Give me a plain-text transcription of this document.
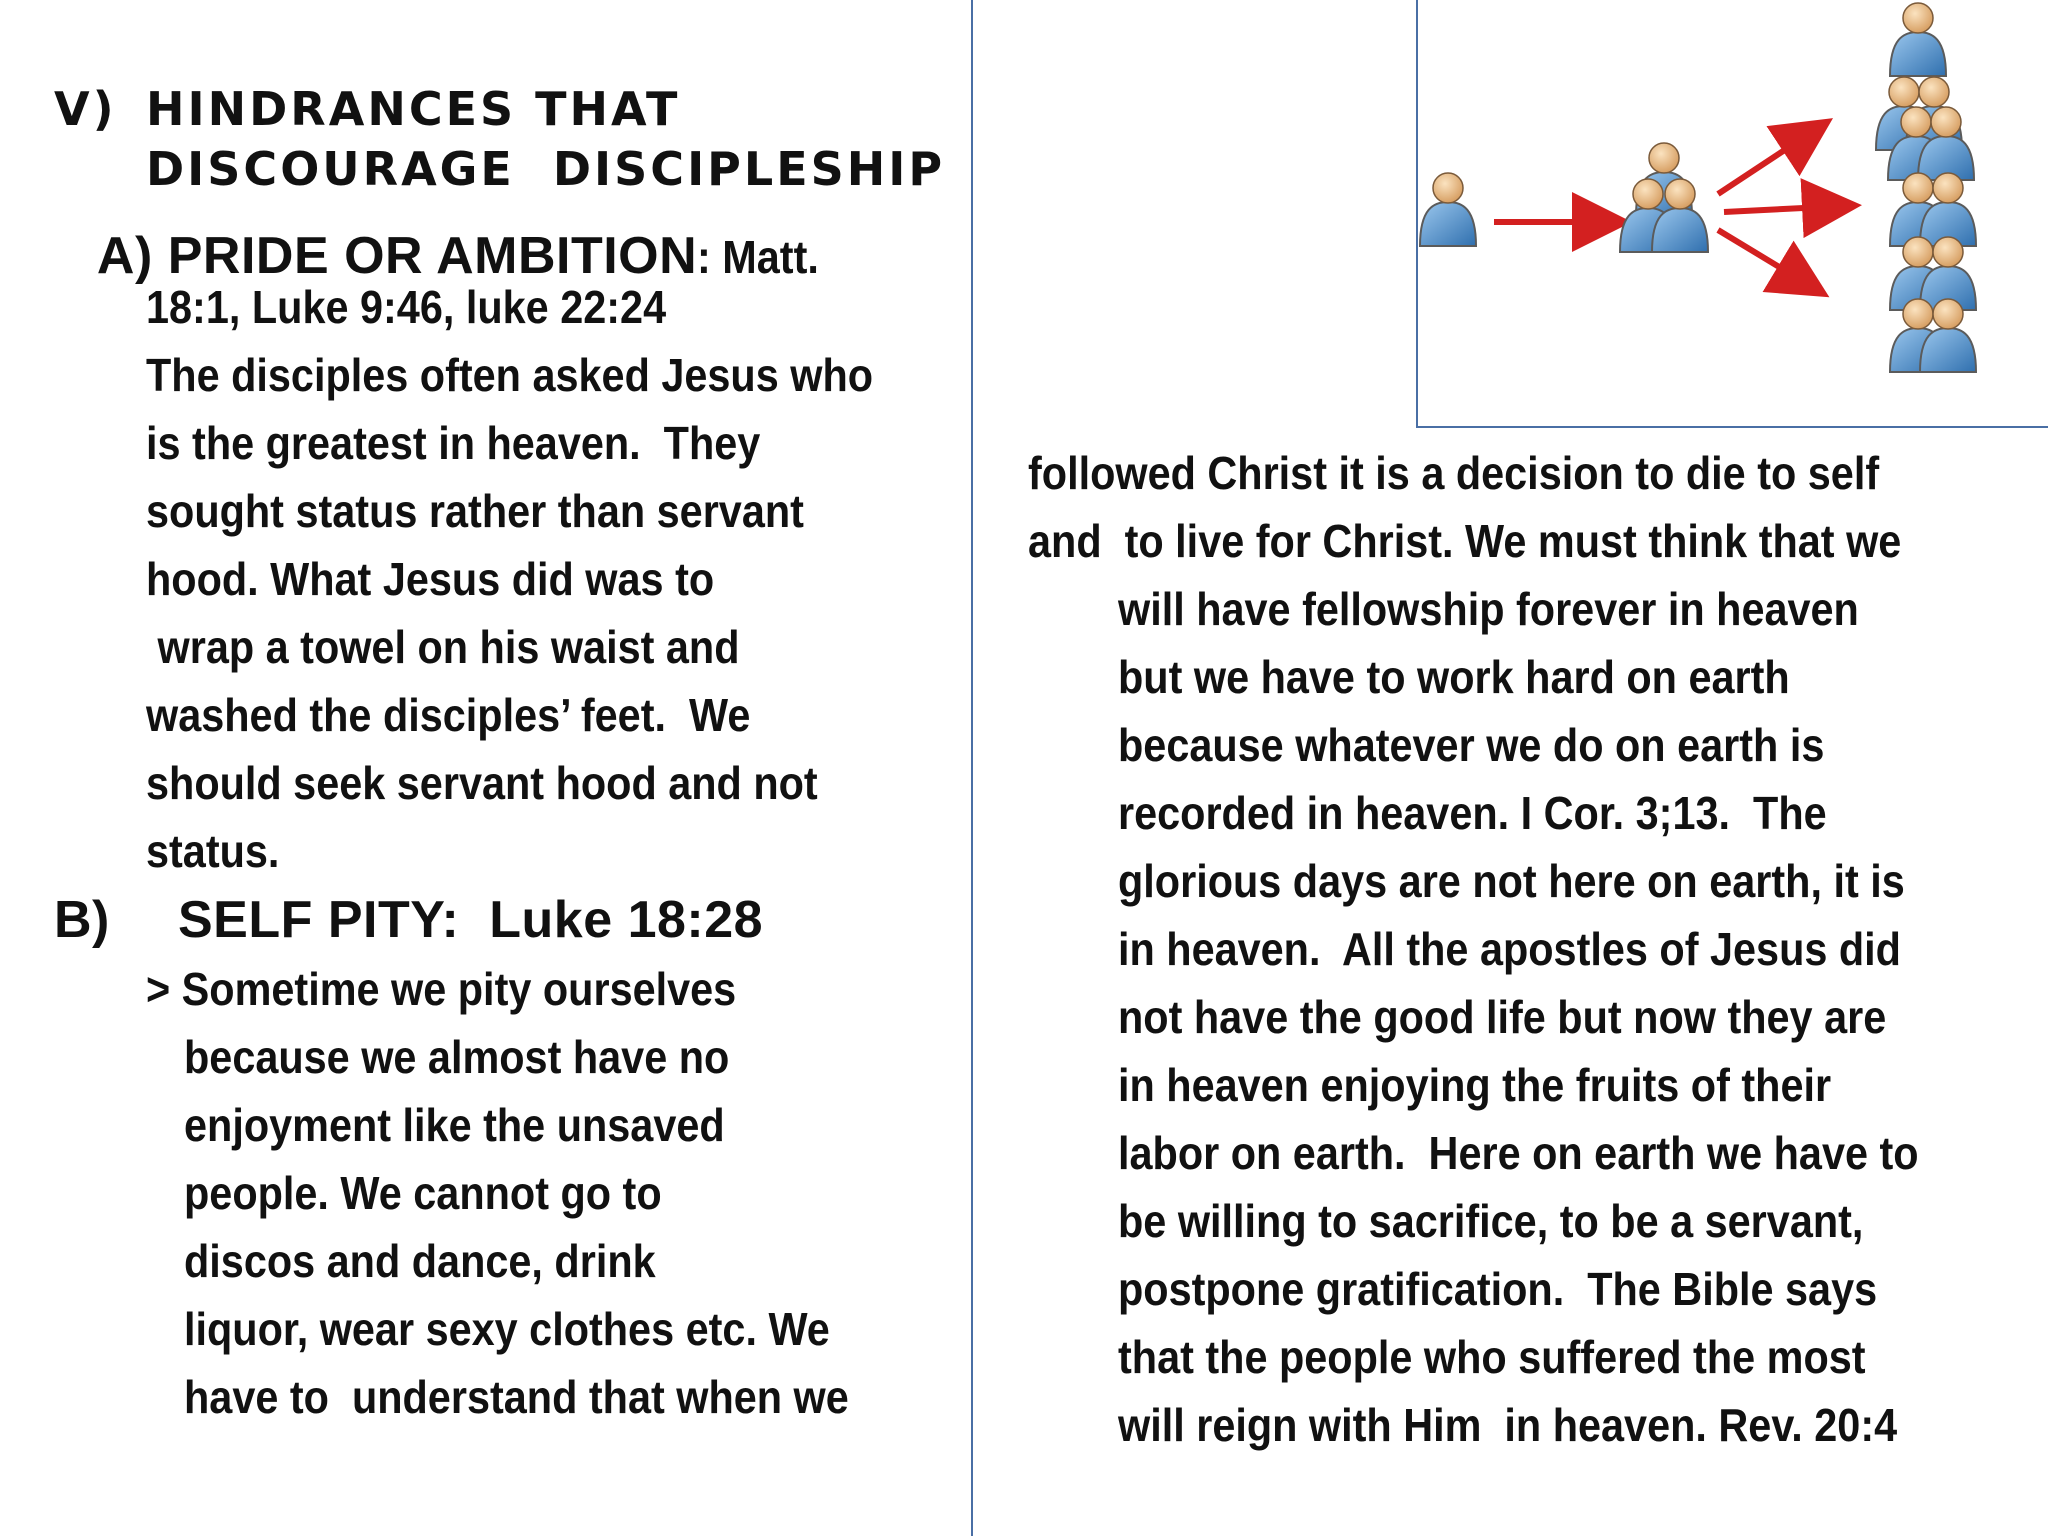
V) HINDRANCES THAT
DISCOURAGE  DISCIPLESHIP

A) PRIDE OR AMBITION: Matt.

18:1, Luke 9:46, luke 22:24
The disciples often asked Jesus who
is the greatest in heaven.  They
sought status rather than servant
hood. What Jesus did was to
wrap a towel on his waist and
washed the disciples’ feet.  We
should seek servant hood and not
status.
B) SELF PITY:  Luke 18:28
> Sometime we pity ourselves
because we almost have no
enjoyment like the unsaved
people. We cannot go to
discos and dance, drink
liquor, wear sexy clothes etc. We
have to  understand that when we
followed Christ it is a decision to die to self
and  to live for Christ. We must think that we
will have fellowship forever in heaven
but we have to work hard on earth
because whatever we do on earth is
recorded in heaven. I Cor. 3;13.  The
glorious days are not here on earth, it is
in heaven.  All the apostles of Jesus did
not have the good life but now they are
in heaven enjoying the fruits of their
labor on earth.  Here on earth we have to
be willing to sacrifice, to be a servant,
postpone gratification.  The Bible says
that the people who suffered the most
will reign with Him  in heaven. Rev. 20:4
